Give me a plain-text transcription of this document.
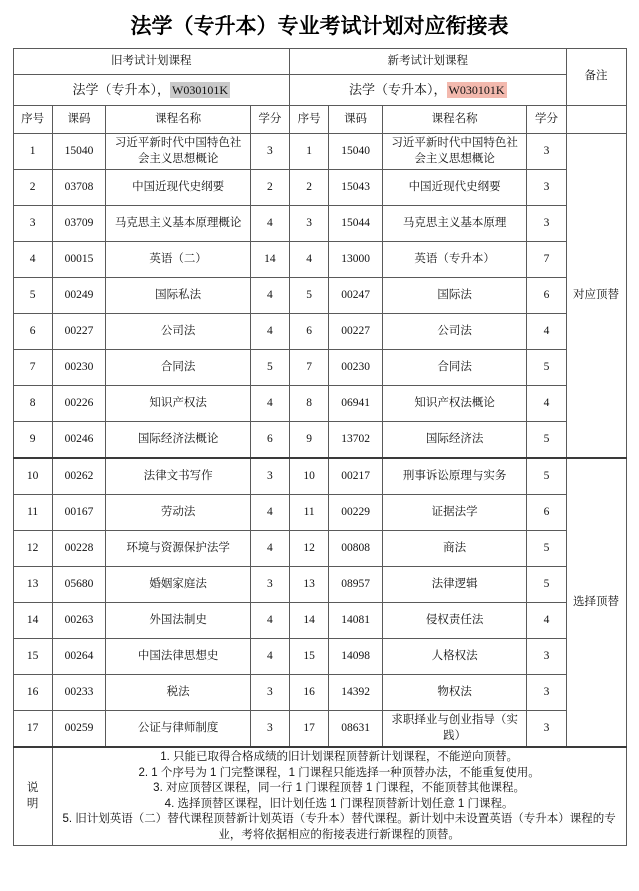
法学（专升本）专业考试计划对应衔接表
旧考试计划课程				新考试计划课程				备注
法学（专升本）， W030101K				法学（专升本）， W030101K				
序号	课码	课程名称	学分	序号	课码	课程名称	学分	
1	15040	习近平新时代中国特色社会主义思想概论	3	1	15040	习近平新时代中国特色社会主义思想概论	3	对应顶替
2	03708	中国近现代史纲要	2	2	15043	中国近现代史纲要	3	
3	03709	马克思主义基本原理概论	4	3	15044	马克思主义基本原理	3	
4	00015	英语（二）	14	4	13000	英语（专升本）	7	
5	00249	国际私法	4	5	00247	国际法	6	
6	00227	公司法	4	6	00227	公司法	4	
7	00230	合同法	5	7	00230	合同法	5	
8	00226	知识产权法	4	8	06941	知识产权法概论	4	
9	00246	国际经济法概论	6	9	13702	国际经济法	5	
10	00262	法律文书写作	3	10	00217	刑事诉讼原理与实务	5	选择顶替
11	00167	劳动法	4	11	00229	证据法学	6	
12	00228	环境与资源保护法学	4	12	00808	商法	5	
13	05680	婚姻家庭法	3	13	08957	法律逻辑	5	
14	00263	外国法制史	4	14	14081	侵权责任法	4	
15	00264	中国法律思想史	4	15	14098	人格权法	3	
16	00233	税法	3	16	14392	物权法	3	
17	00259	公证与律师制度	3	17	08631	求职择业与创业指导（实践）	3	

说
明

1. 只能已取得合格成绩的旧计划课程顶替新计划课程，不能逆向顶替。
2. 1 个序号为 1 门完整课程，1 门课程只能选择一种顶替办法，不能重复使用。
3. 对应顶替区课程，同一行 1 门课程顶替 1 门课程，不能顶替其他课程。
4. 选择顶替区课程，旧计划任选 1 门课程顶替新计划任意 1 门课程。
5. 旧计划英语（二）替代课程顶替新计划英语（专升本）替代课程。新计划中未设置英语（专升本）课程的专业，考将依据相应的衔接表进行新课程的顶替。
